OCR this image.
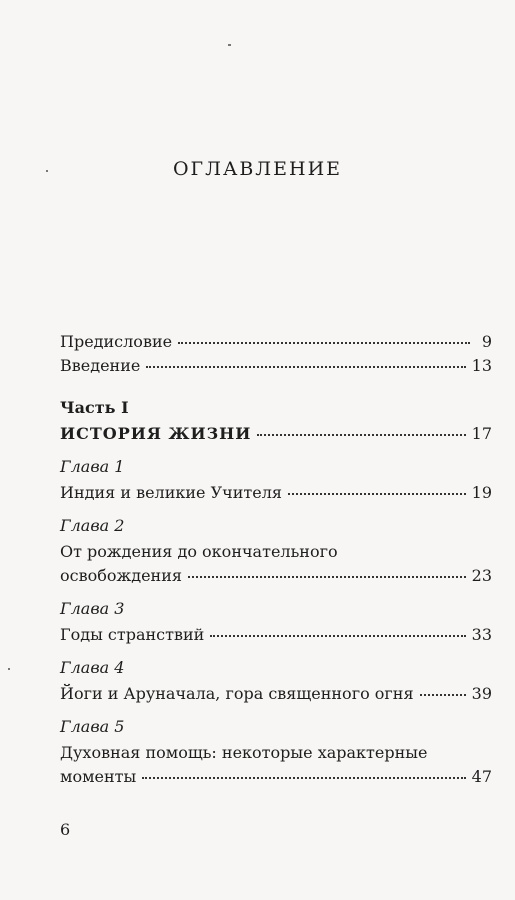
ОГЛАВЛЕНИЕ
Предисловие	9
Введение	13
Часть I
ИСТОРИЯ ЖИЗНИ	17
Глава 1
Индия и великие Учителя	19
Глава 2
От рождения до окончательного
освобождения	23
Глава 3
Годы странствий	33
Глава 4
Йоги и Аруначала, гора священного огня	39
Глава 5
Духовная помощь: некоторые характерные
моменты	47
6
